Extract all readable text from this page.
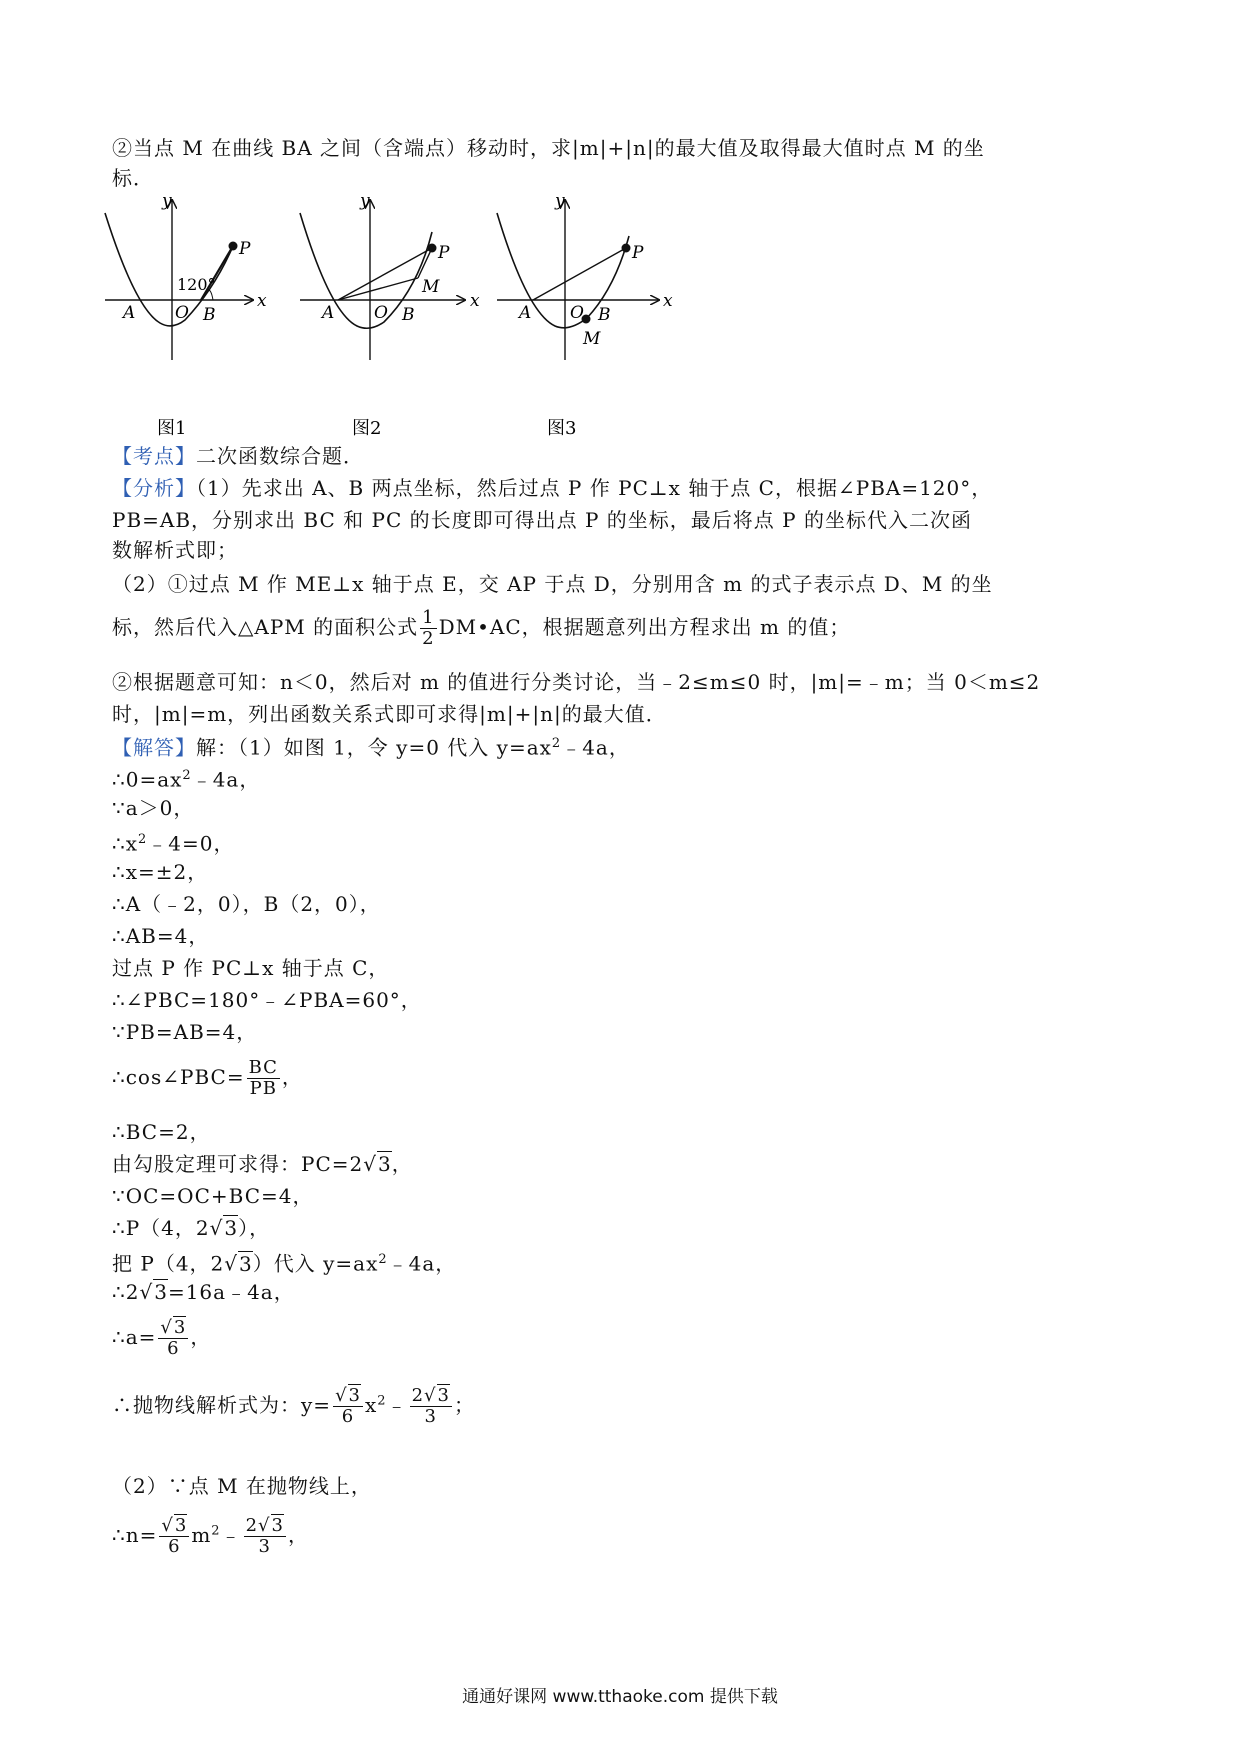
②当点 M 在曲线 BA 之间（含端点）移动时，求|m|+|n|的最大值及取得最大值时点 M 的坐
标．
y
x
A O B
P
120°
y
x
A O B
P
M
y
x
A O B
P
M
图1	图2	图3
【考点】二次函数综合题．
【分析】（1）先求出 A、B 两点坐标，然后过点 P 作 PC⊥x 轴于点 C，根据∠PBA=120°，
PB=AB，分别求出 BC 和 PC 的长度即可得出点 P 的坐标，最后将点 P 的坐标代入二次函
数解析式即；
（2）①过点 M 作 ME⊥x 轴于点 E，交 AP 于点 D，分别用含 m 的式子表示点 D、M 的坐
标，然后代入△APM 的面积公式 $\frac{1}{2}$ DM•AC，根据题意列出方程求出 m 的值；
②根据题意可知：n＜0，然后对 m 的值进行分类讨论，当﹣2≤m≤0 时，|m|=﹣m；当 0＜m≤2
时，|m|=m，列出函数关系式即可求得|m|+|n|的最大值．
【解答】解：（1）如图 1，令 y=0 代入 $y=ax^2﹣4a$，
$\therefore 0=ax^2﹣4a$，
∵a＞0，
$\therefore x^2﹣4=0$，
∴x=±2，
∴A（﹣2，0），B（2，0），
∴AB=4，
过点 P 作 PC⊥x 轴于点 C，
∴∠PBC=180°﹣∠PBA=60°，
∵PB=AB=4，
∴cos∠PBC= $\frac{BC}{PB}$ ，
∴BC=2，
由勾股定理可求得：PC=2√3，
∵OC=OC+BC=4，
∴P（4，2√3），
把 P（4，2√3）代入 $y=ax^2﹣4a$，
∴2√3=16a﹣4a，
∴a= $\frac{√3}{6}$ ，
∴抛物线解析式为：$y= \frac{√3}{6}$ $x^2﹣ \frac{2√3}{3}$ ；
（2）∵点 M 在抛物线上，
∴n= $\frac{√3}{6}$ $m^2﹣ \frac{2√3}{3}$ ，
通通好课网 www.tthaoke.com 提供下载
